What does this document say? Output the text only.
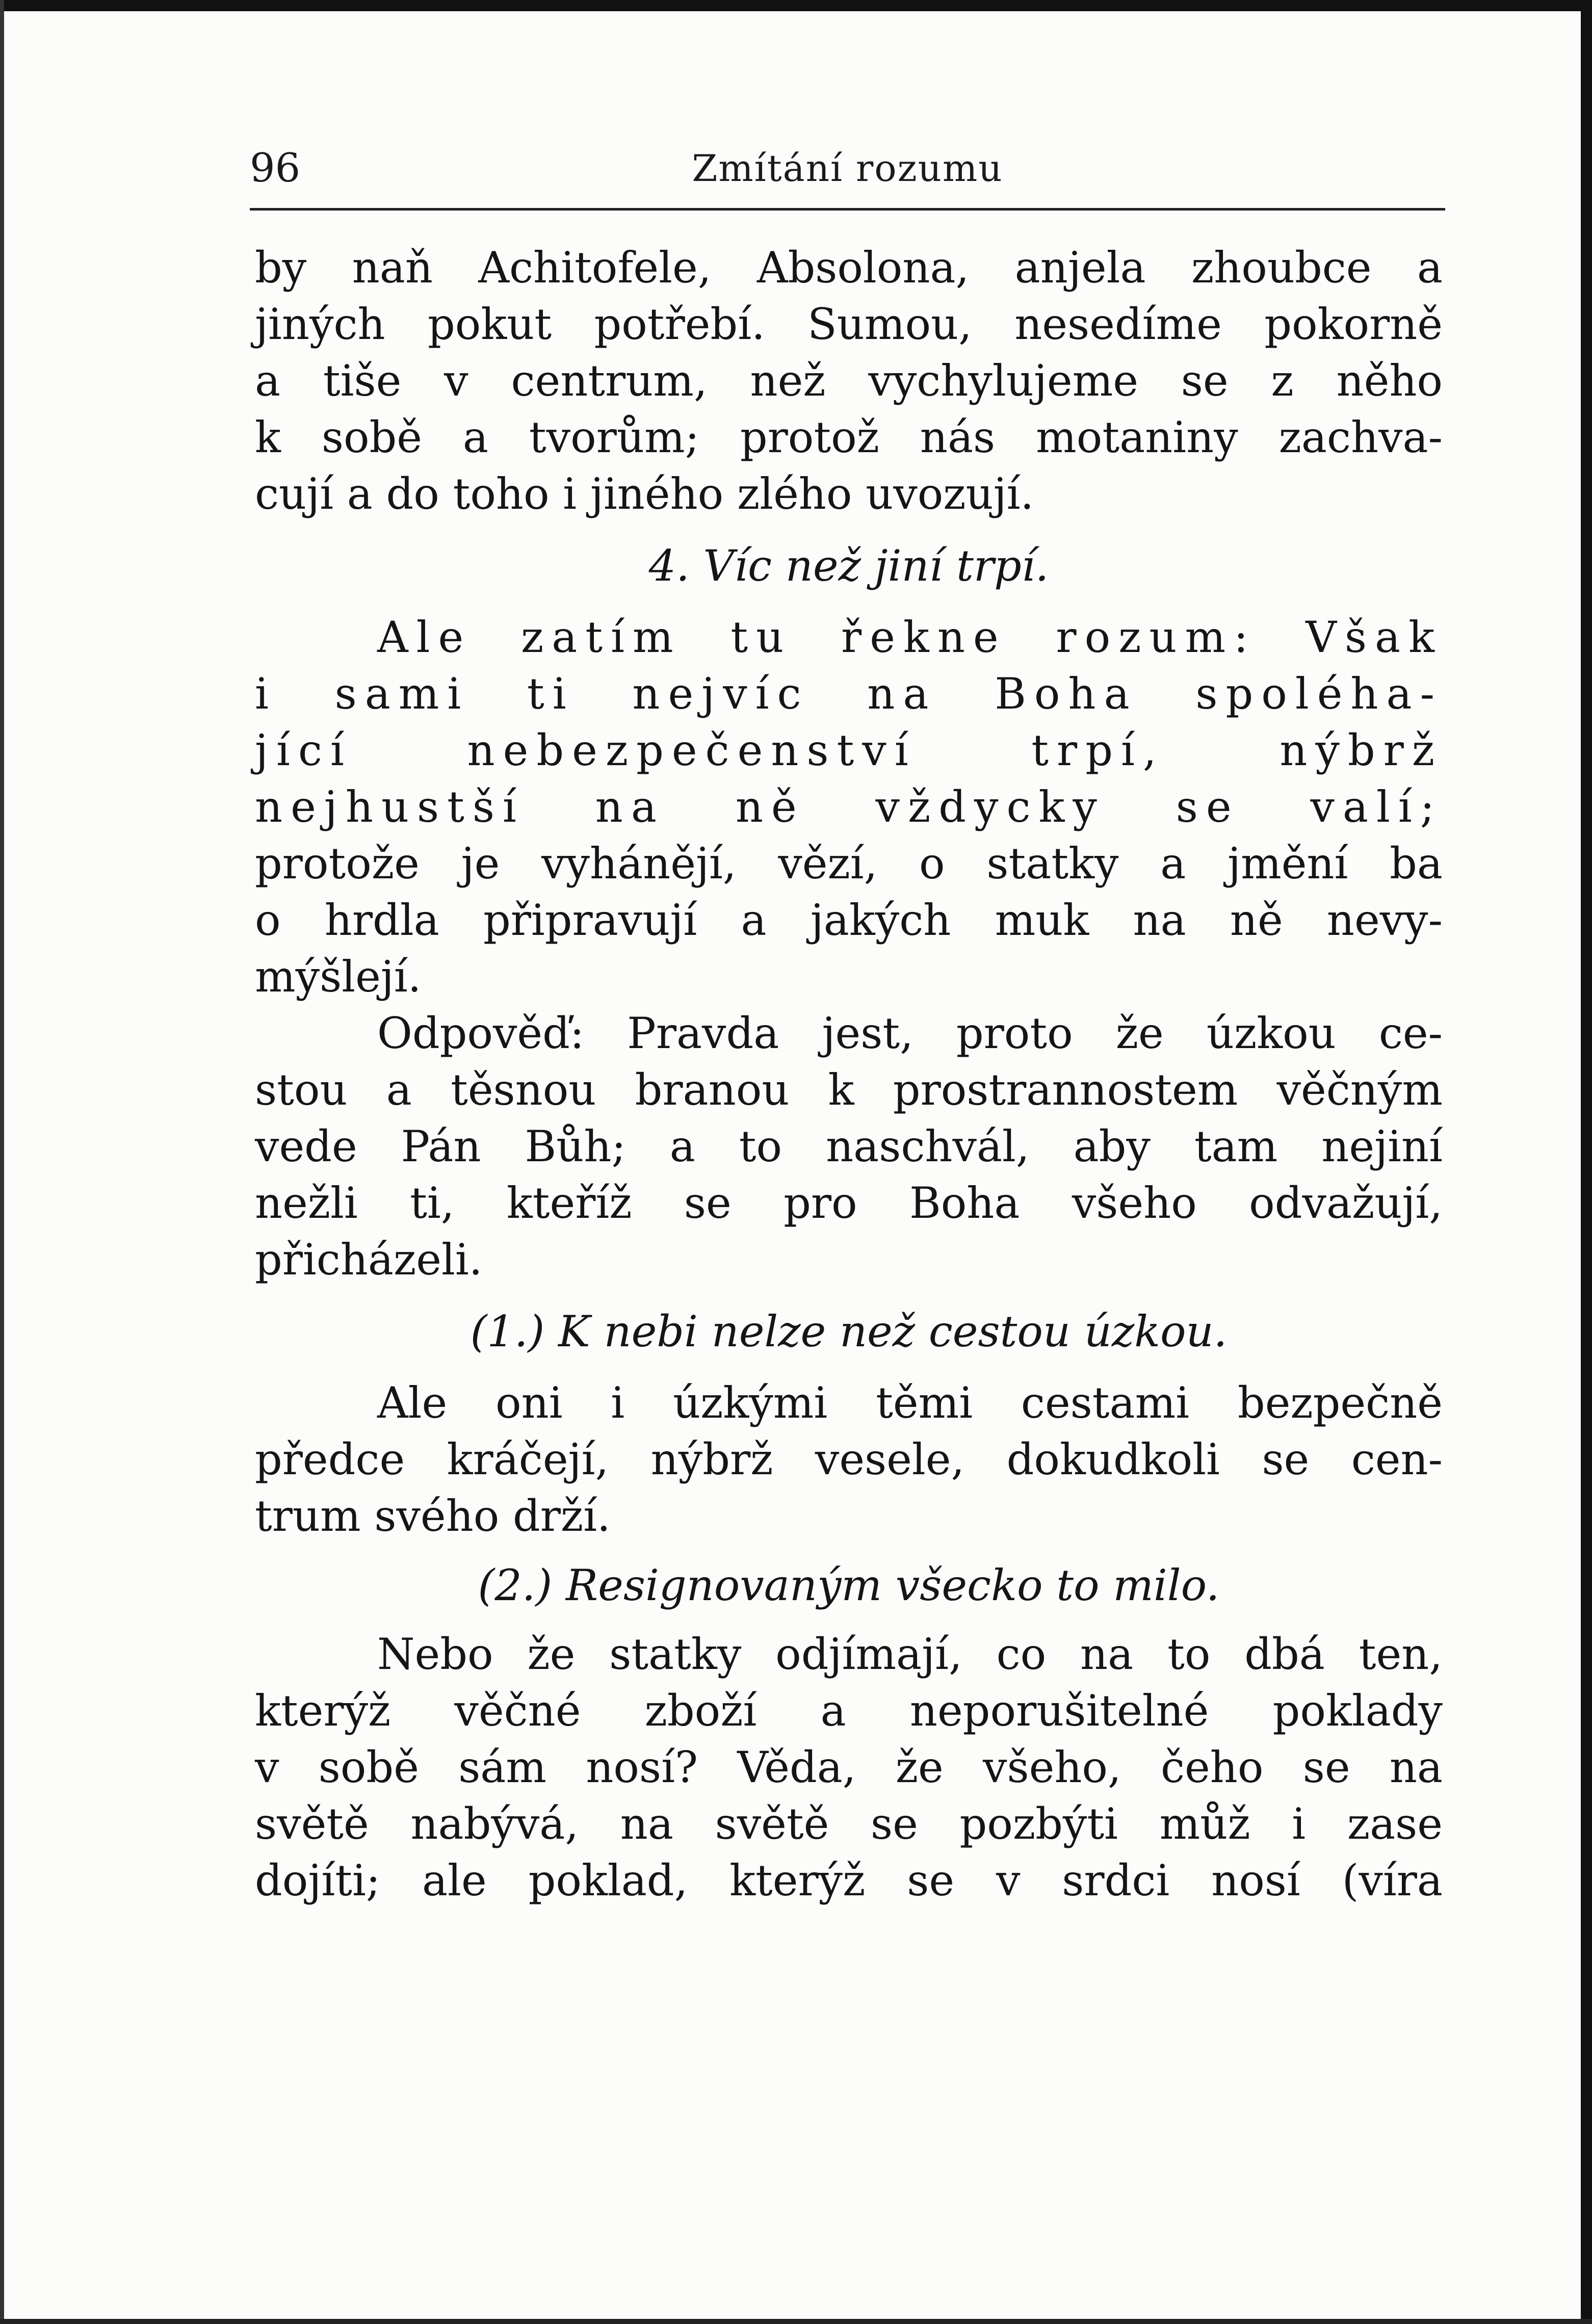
96	Zmítání rozumu
by naň Achitofele, Absolona, anjela zhoubce a
jiných pokut potřebí. Sumou, nesedíme pokorně
a tiše v centrum, než vychylujeme se z něho
k sobě a tvorům; protož nás motaniny zachva-
cují a do toho i jiného zlého uvozují.
4. Víc než jiní trpí.
Ale zatím tu řekne rozum: Však
i sami ti nejvíc na Boha spoléha-
jící nebezpečenství trpí, nýbrž
nejhustší na ně vždycky se valí;
protože je vyhánějí, vězí, o statky a jmění ba
o hrdla připravují a jakých muk na ně nevy-
mýšlejí.
Odpověď: Pravda jest, proto že úzkou ce-
stou a těsnou branou k prostrannostem věčným
vede Pán Bůh; a to naschvál, aby tam nejiní
nežli ti, kteříž se pro Boha všeho odvažují,
přicházeli.
(1.) K nebi nelze než cestou úzkou.
Ale oni i úzkými těmi cestami bezpečně
předce kráčejí, nýbrž vesele, dokudkoli se cen-
trum svého drží.
(2.) Resignovaným všecko to milo.
Nebo že statky odjímají, co na to dbá ten,
kterýž věčné zboží a neporušitelné poklady
v sobě sám nosí? Věda, že všeho, čeho se na
světě nabývá, na světě se pozbýti můž i zase
dojíti; ale poklad, kterýž se v srdci nosí (víra
